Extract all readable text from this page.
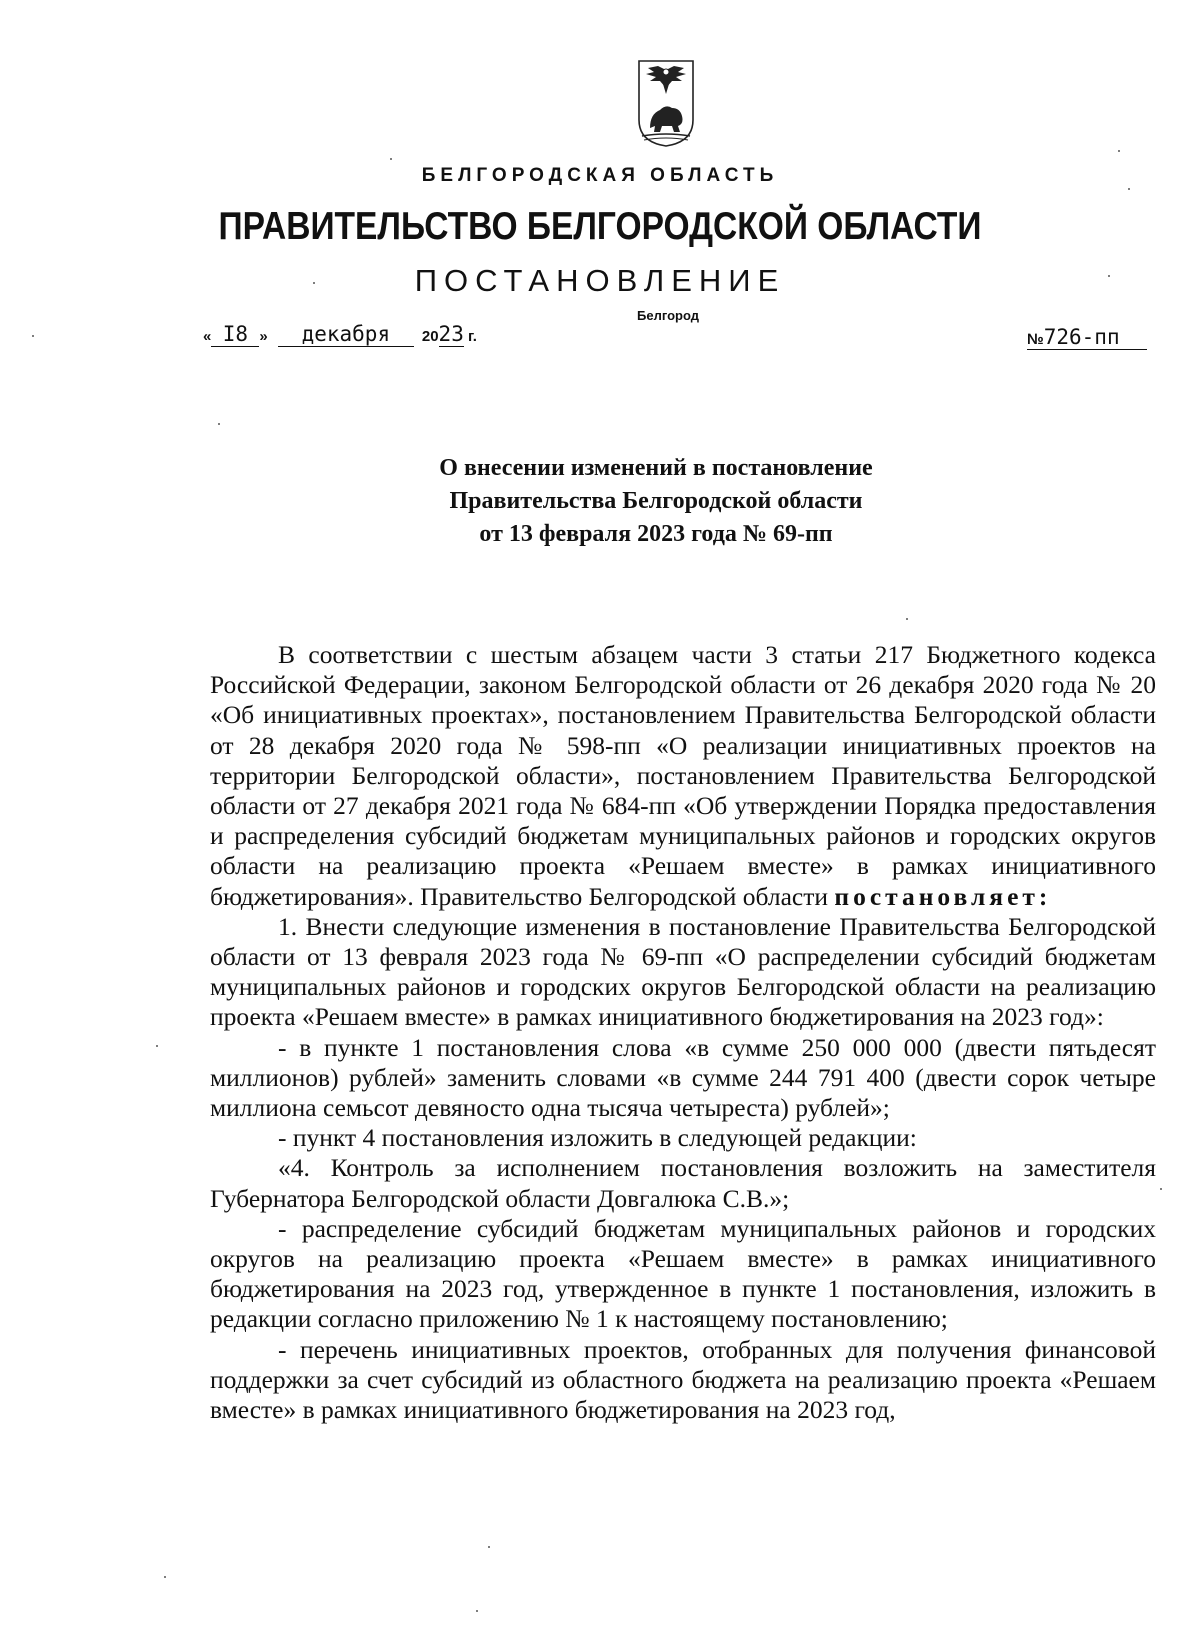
БЕЛГОРОДСКАЯ ОБЛАСТЬ
ПРАВИТЕЛЬСТВО БЕЛГОРОДСКОЙ ОБЛАСТИ
ПОСТАНОВЛЕНИЕ
Белгород
« I8 » декабря 2023 г.	№726-пп
О внесении изменений в постановление
Правительства Белгородской области
от 13 февраля 2023 года № 69-пп

В соответствии с шестым абзацем части 3 статьи 217 Бюджетного кодекса Российской Федерации, законом Белгородской области от 26 декабря 2020 года № 20 «Об инициативных проектах», постановлением Правительства Белгородской области от 28 декабря 2020 года № 598-пп «О реализации инициативных проектов на территории Белгородской области», постановлением Правительства Белгородской области от 27 декабря 2021 года № 684-пп «Об утверждении Порядка предоставления и распределения субсидий бюджетам муниципальных районов и городских округов области на реализацию проекта «Решаем вместе» в рамках инициативного бюджетирования». Правительство Белгородской области постановляет:

1. Внести следующие изменения в постановление Правительства Белгородской области от 13 февраля 2023 года № 69-пп «О распределении субсидий бюджетам муниципальных районов и городских округов Белгородской области на реализацию проекта «Решаем вместе» в рамках инициативного бюджетирования на 2023 год»:

- в пункте 1 постановления слова «в сумме 250 000 000 (двести пятьдесят миллионов) рублей» заменить словами «в сумме 244 791 400 (двести сорок четыре миллиона семьсот девяносто одна тысяча четыреста) рублей»;

- пункт 4 постановления изложить в следующей редакции:

«4. Контроль за исполнением постановления возложить на заместителя Губернатора Белгородской области Довгалюка С.В.»;

- распределение субсидий бюджетам муниципальных районов и городских округов на реализацию проекта «Решаем вместе» в рамках инициативного бюджетирования на 2023 год, утвержденное в пункте 1 постановления, изложить в редакции согласно приложению № 1 к настоящему постановлению;

- перечень инициативных проектов, отобранных для получения финансовой поддержки за счет субсидий из областного бюджета на реализацию проекта «Решаем вместе» в рамках инициативного бюджетирования на 2023 год,
